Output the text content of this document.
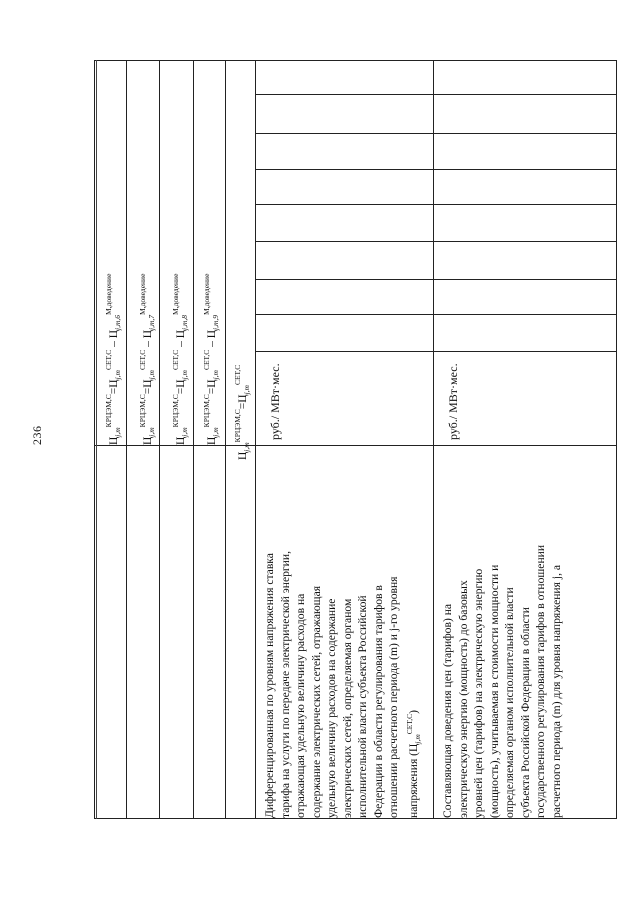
236	$Ц_{j,m}^{КРЦЭМ,С}=Ц_{j,m}^{СЕТ,С} - Ц_{j,m,6}^{М,доведение}$
$Ц_{j,m}^{КРЦЭМ,С}=Ц_{j,m}^{СЕТ,С} - Ц_{j,m,7}^{М,доведение}$
$Ц_{j,m}^{КРЦЭМ,С}=Ц_{j,m}^{СЕТ,С} - Ц_{j,m,8}^{М,доведение}$
$Ц_{j,m}^{КРЦЭМ,С}=Ц_{j,m}^{СЕТ,С} - Ц_{j,m,9}^{М,доведение}$
$Ц_{j,m}^{КРЦЭМ,С}=Ц_{j,m}^{СЕТ,С}$
Дифференцированная по уровням напряжения ставка тарифа на услуги по передаче электрической энергии, отражающая удельную величину расходов на содержание электрических сетей, отражающая удельную величину расходов на содержание электрических сетей, определяемая органом исполнительной власти субъекта Российской Федерации в области регулирования тарифов в отношении расчетного периода (m) и j-го уровня напряжения $(Ц_{j,m}^{СЕТ,С})$
руб./ МВт·мес.
Составляющая доведения цен (тарифов) на электрическую энергию (мощность) до базовых уровней цен (тарифов) на электрическую энергию (мощность), учитываемая в стоимости мощности и определяемая органом исполнительной власти субъекта Российской Федерации в области государственного регулирования тарифов в отношении расчетного периода (m) для уровня напряжения j, а
руб./ МВт·мес.
